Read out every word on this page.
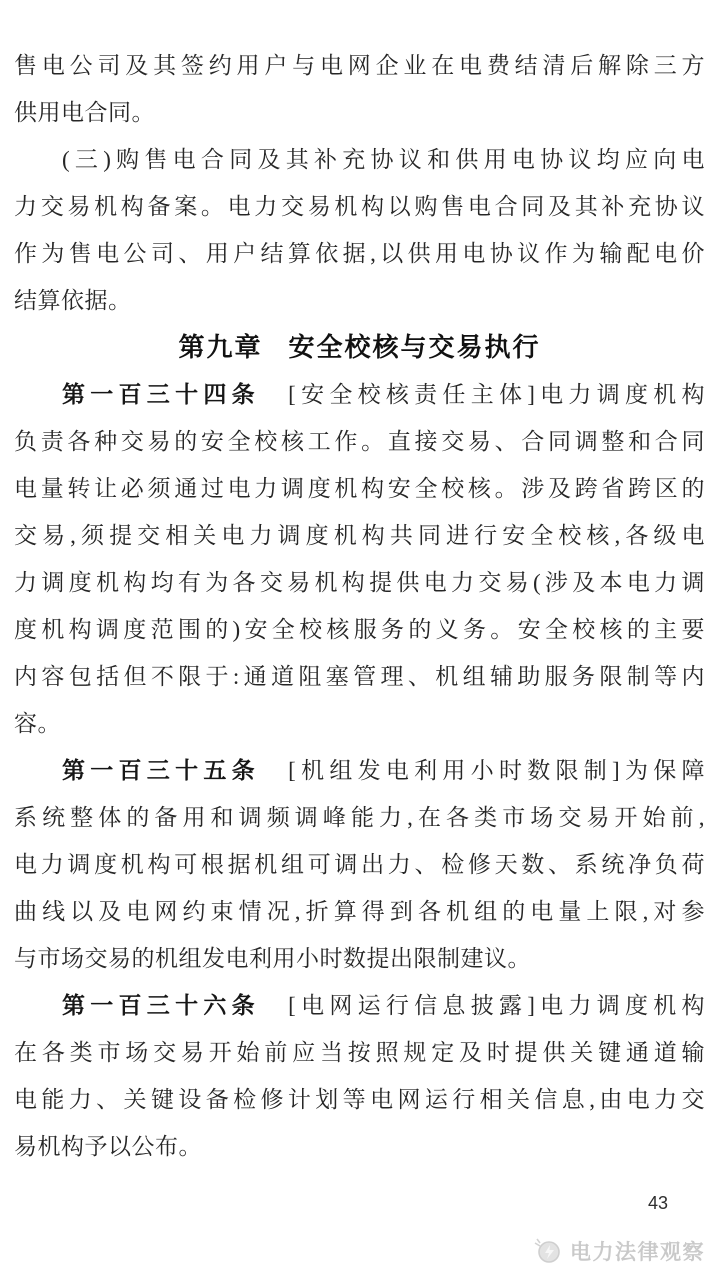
售电公司及其签约用户与电网企业在电费结清后解除三方
供用电合同。
(三)购售电合同及其补充协议和供用电协议均应向电
力交易机构备案。电力交易机构以购售电合同及其补充协议
作为售电公司、用户结算依据,以供用电协议作为输配电价
结算依据。
第九章 安全校核与交易执行
第一百三十四条　[安全校核责任主体]电力调度机构
负责各种交易的安全校核工作。直接交易、合同调整和合同
电量转让必须通过电力调度机构安全校核。涉及跨省跨区的
交易,须提交相关电力调度机构共同进行安全校核,各级电
力调度机构均有为各交易机构提供电力交易(涉及本电力调
度机构调度范围的)安全校核服务的义务。安全校核的主要
内容包括但不限于:通道阻塞管理、机组辅助服务限制等内
容。
第一百三十五条　[机组发电利用小时数限制]为保障
系统整体的备用和调频调峰能力,在各类市场交易开始前,
电力调度机构可根据机组可调出力、检修天数、系统净负荷
曲线以及电网约束情况,折算得到各机组的电量上限,对参
与市场交易的机组发电利用小时数提出限制建议。
第一百三十六条　[电网运行信息披露]电力调度机构
在各类市场交易开始前应当按照规定及时提供关键通道输
电能力、关键设备检修计划等电网运行相关信息,由电力交
易机构予以公布。
43
电力法律观察
